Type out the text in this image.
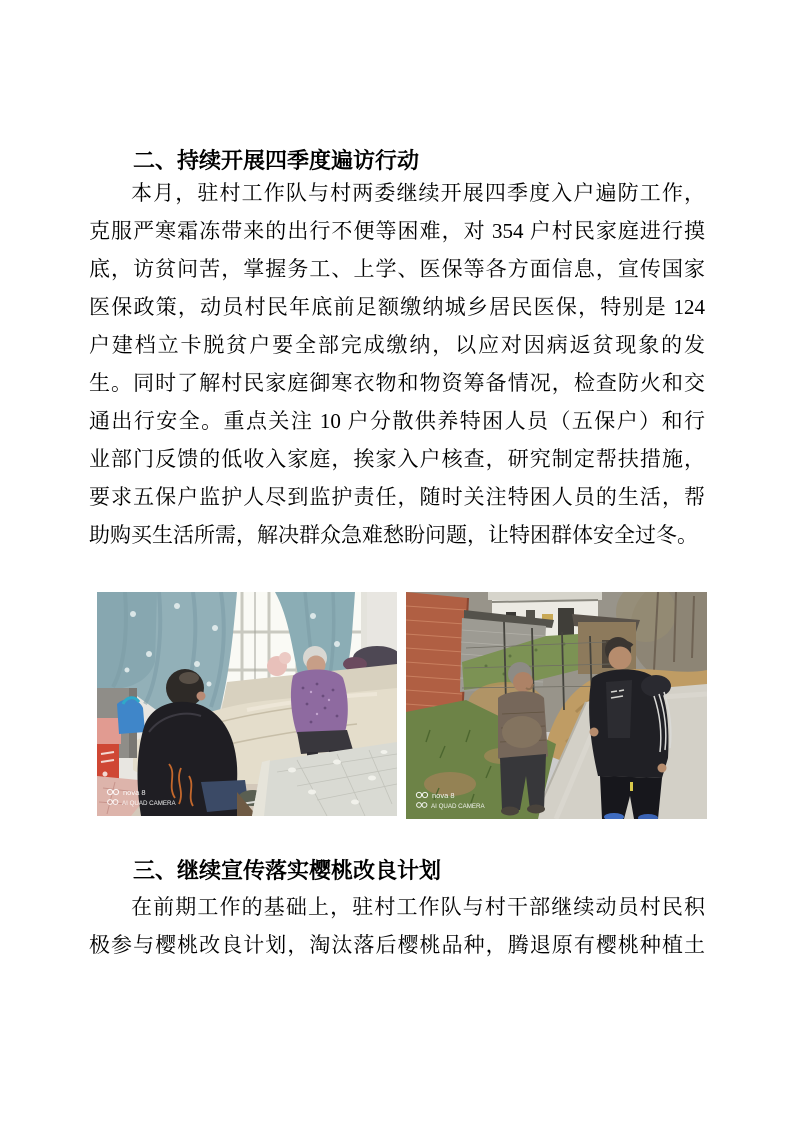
二、持续开展四季度遍访行动
本月，驻村工作队与村两委继续开展四季度入户遍防工作，
克服严寒霜冻带来的出行不便等困难，对 354 户村民家庭进行摸
底，访贫问苦，掌握务工、上学、医保等各方面信息，宣传国家
医保政策，动员村民年底前足额缴纳城乡居民医保，特别是 124
户建档立卡脱贫户要全部完成缴纳，以应对因病返贫现象的发
生。同时了解村民家庭御寒衣物和物资筹备情况，检查防火和交
通出行安全。重点关注 10 户分散供养特困人员（五保户）和行
业部门反馈的低收入家庭，挨家入户核查，研究制定帮扶措施，
要求五保户监护人尽到监护责任，随时关注特困人员的生活，帮
助购买生活所需，解决群众急难愁盼问题，让特困群体安全过冬。
nova 8
AI QUAD CAMERA
nova 8
AI QUAD CAMERA
三、继续宣传落实樱桃改良计划
在前期工作的基础上，驻村工作队与村干部继续动员村民积
极参与樱桃改良计划，淘汰落后樱桃品种，腾退原有樱桃种植土
